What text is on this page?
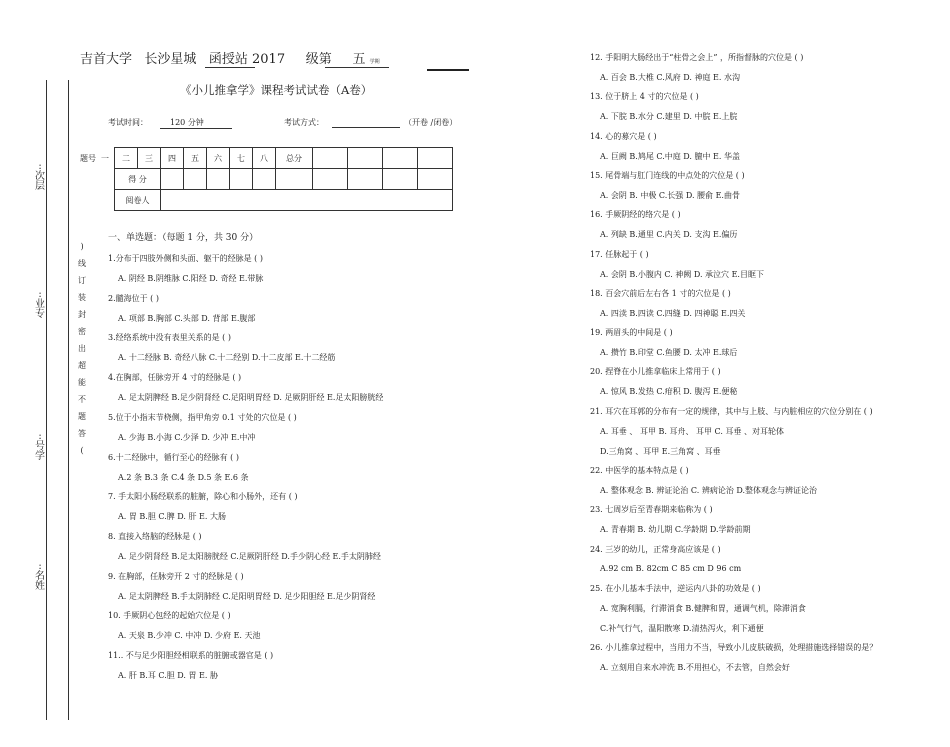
:次层
:业专
:号学
:名姓
)
线
订
装
封
密
出
超
能
不
题
答
(
吉首大学 长沙星城 函授站 2017 级第 五 学期
《小儿推拿学》课程考试试卷（A卷）
考试时间：	120 分钟	考试方式：	（开卷 /闭卷）
题号 一 二	三	四	五	六	七	八	总分				
得 分											
阅卷人											
一、单选题：（每题 1 分，共 30 分）
1.分布于四肢外侧和头面、躯干的经脉是 ( )
A. 阴经 B.阴维脉 C.阳经 D. 奇经 E.带脉
2.髓海位于 ( )
A. 项部 B.胸部 C.头部 D. 背部 E.腹部
3.经络系统中没有表里关系的是 ( )
A. 十二经脉 B. 奇经八脉 C.十二经别 D.十二皮部 E.十二经筋
4.在胸部，任脉旁开 4 寸的经脉是 ( )
A. 足太阴脾经 B.足少阴肾经 C.足阳明胃经 D. 足厥阴肝经 E.足太阳膀胱经
5.位于小指末节桡侧，指甲角旁 0.1 寸处的穴位是 ( )
A. 少海 B.小海 C.少泽 D. 少冲 E.中冲
6.十二经脉中，循行至心的经脉有 ( )
A.2 条 B.3 条 C.4 条 D.5 条 E.6 条
7. 手太阳小肠经联系的脏腑，除心和小肠外，还有 ( )
A. 胃 B.胆 C.脾 D. 肝 E. 大肠
8. 直接入络脑的经脉是 ( )
A. 足少阴肾经 B.足太阳膀胱经 C.足厥阴肝经 D.手少阴心经 E.手太阴肺经
9. 在胸部，任脉旁开 2 寸的经脉是 ( )
A. 足太阴脾经 B.手太阴肺经 C.足阳明胃经 D. 足少阳胆经 E.足少阴肾经
10. 手厥阴心包经的起始穴位是 ( )
A. 天泉 B.少冲 C. 中冲 D. 少府 E. 天池
11.. 不与足少阳胆经相联系的脏腑或器官是 ( )
A. 肝 B.耳 C.胆 D. 胃 E. 胁
12. 手阳明大肠经出于“柱骨之会上” ，所指督脉的穴位是 ( )
A. 百会 B.大椎 C.风府 D. 神庭 E. 水沟
13. 位于脐上 4 寸的穴位是 ( )
A. 下脘 B.水分 C.建里 D. 中脘 E.上脘
14. 心的募穴是 ( )
A. 巨阙 B.鸠尾 C.中庭 D. 膻中 E. 华盖
15. 尾骨端与肛门连线的中点处的穴位是 ( )
A. 会阴 B. 中极 C.长强 D. 腰俞 E.曲骨
16. 手厥阴经的络穴是 ( )
A. 列缺 B.通里 C.内关 D. 支沟 E.偏历
17. 任脉起于 ( )
A. 会阴 B.小腹内 C. 神阙 D. 承泣穴 E.目眶下
18. 百会穴前后左右各 1 寸的穴位是 ( )
A. 四渎 B.四读 C.四缝 D. 四神聪 E.四关
19. 两眉头的中间是 ( )
A. 攒竹 B.印堂 C.鱼腰 D. 太冲 E.球后
20. 捏脊在小儿推拿临床上常用于 ( )
A. 惊风 B.发热 C.疳积 D. 腹泻 E.便秘
21. 耳穴在耳郭的分布有一定的规律，其中与上肢、与内脏相应的穴位分别在 ( )
A. 耳垂 、 耳甲 B. 耳舟、 耳甲 C. 耳垂 、对耳轮体
D.三角窝 、耳甲 E.三角窝 、耳垂
22. 中医学的基本特点是 ( )
A. 整体观念 B. 辨证论治 C. 辨病论治 D.整体观念与辨证论治
23. 七周岁后至青春期来临称为 ( )
A. 青春期 B. 幼儿期 C.学龄期 D.学龄前期
24. 三岁的幼儿，正常身高应该是 ( )
A.92 cm B. 82cm C 85 cm D 96 cm
25. 在小儿基本手法中，逆运内八卦的功效是 ( )
A. 宽胸利膈，行滞消食 B.健脾和胃，通调气机，除滞消食
C.补气行气，温阳散寒 D.清热泻火，利下通便
26. 小儿推拿过程中，当用力不当，导致小儿皮肤破损，处理措施选择错误的是？
A. 立刻用自来水冲洗 B.不用担心，不去管，自然会好
